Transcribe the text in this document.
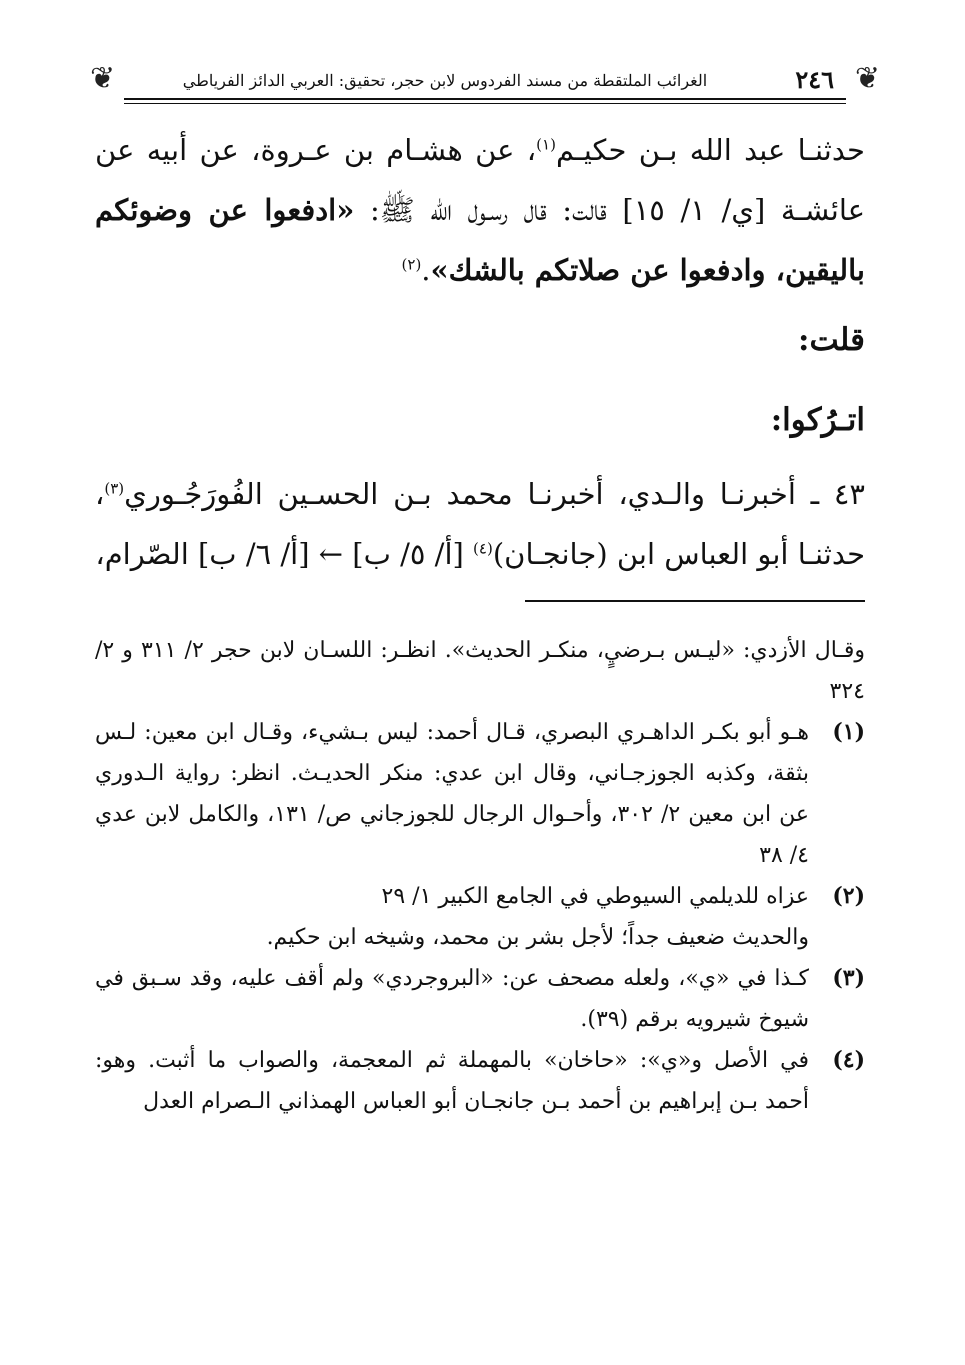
❦
٢٤٦
الغرائب الملتقطة من مسند الفردوس لابن حجر، تحقيق: العربي الدائز الفرياطي
❦

حدثنـا عبد الله بـن حكيـم$^{(١)}$، عن هشـام بن عـروة، عن أبيه عن عائشـة [ي/ ١/ ١٥] قالت: قال رسـول الله ﷺ: «ادفعوا عن وضوئكم باليقين، وادفعوا عن صلاتكم بالشك».$^{(٢)}$

قلت:

اتـرُكوا:

٤٣ ـ أخبرنـا والـدي، أخبرنـا محمد بـن الحسـين الفُورَجُـوري$^{(٣)}$، حدثنـا أبو العباس ابن (جانجـان)$^{(٤)}$ [أ/ ٥/ ب] ← [أ/ ٦/ ب] الصّرام،

وقـال الأزدي: «ليـس بـرضيٍ، منكـر الحديث». انظـر: اللسـان لابن حجر ٢/ ٣١١ و ٢/ ٣٢٤

(١)
هـو أبو بكـر الداهـري البصري، قـال أحمد: ليس بـشيء، وقـال ابن معين: لـس بثقة، وكذبه الجوزجـاني، وقال ابن عدي: منكر الحديـث. انظر: رواية الـدوري عن ابن معين ٢/ ٣٠٢، وأحـوال الرجال للجوزجاني ص/ ١٣١، والكامل لابن عدي ٤/ ٣٨
(٢)
عزاه للديلمي السيوطي في الجامع الكبير ١/ ٢٩
والحديث ضعيف جداً؛ لأجل بشر بن محمد، وشيخه ابن حكيم.
(٣)
كـذا في «ي»، ولعله مصحف عن: «البروجردي» ولم أقف عليه، وقد سـبق في شيوخ شيرويه برقم (٣٩).
(٤)
في الأصل و«ي»: «حاخان» بالمهملة ثم المعجمة، والصواب ما أثبت. وهو: أحمد بـن إبراهيم بن أحمد بـن جانجـان أبو العباس الهمذاني الـصرام العدل
